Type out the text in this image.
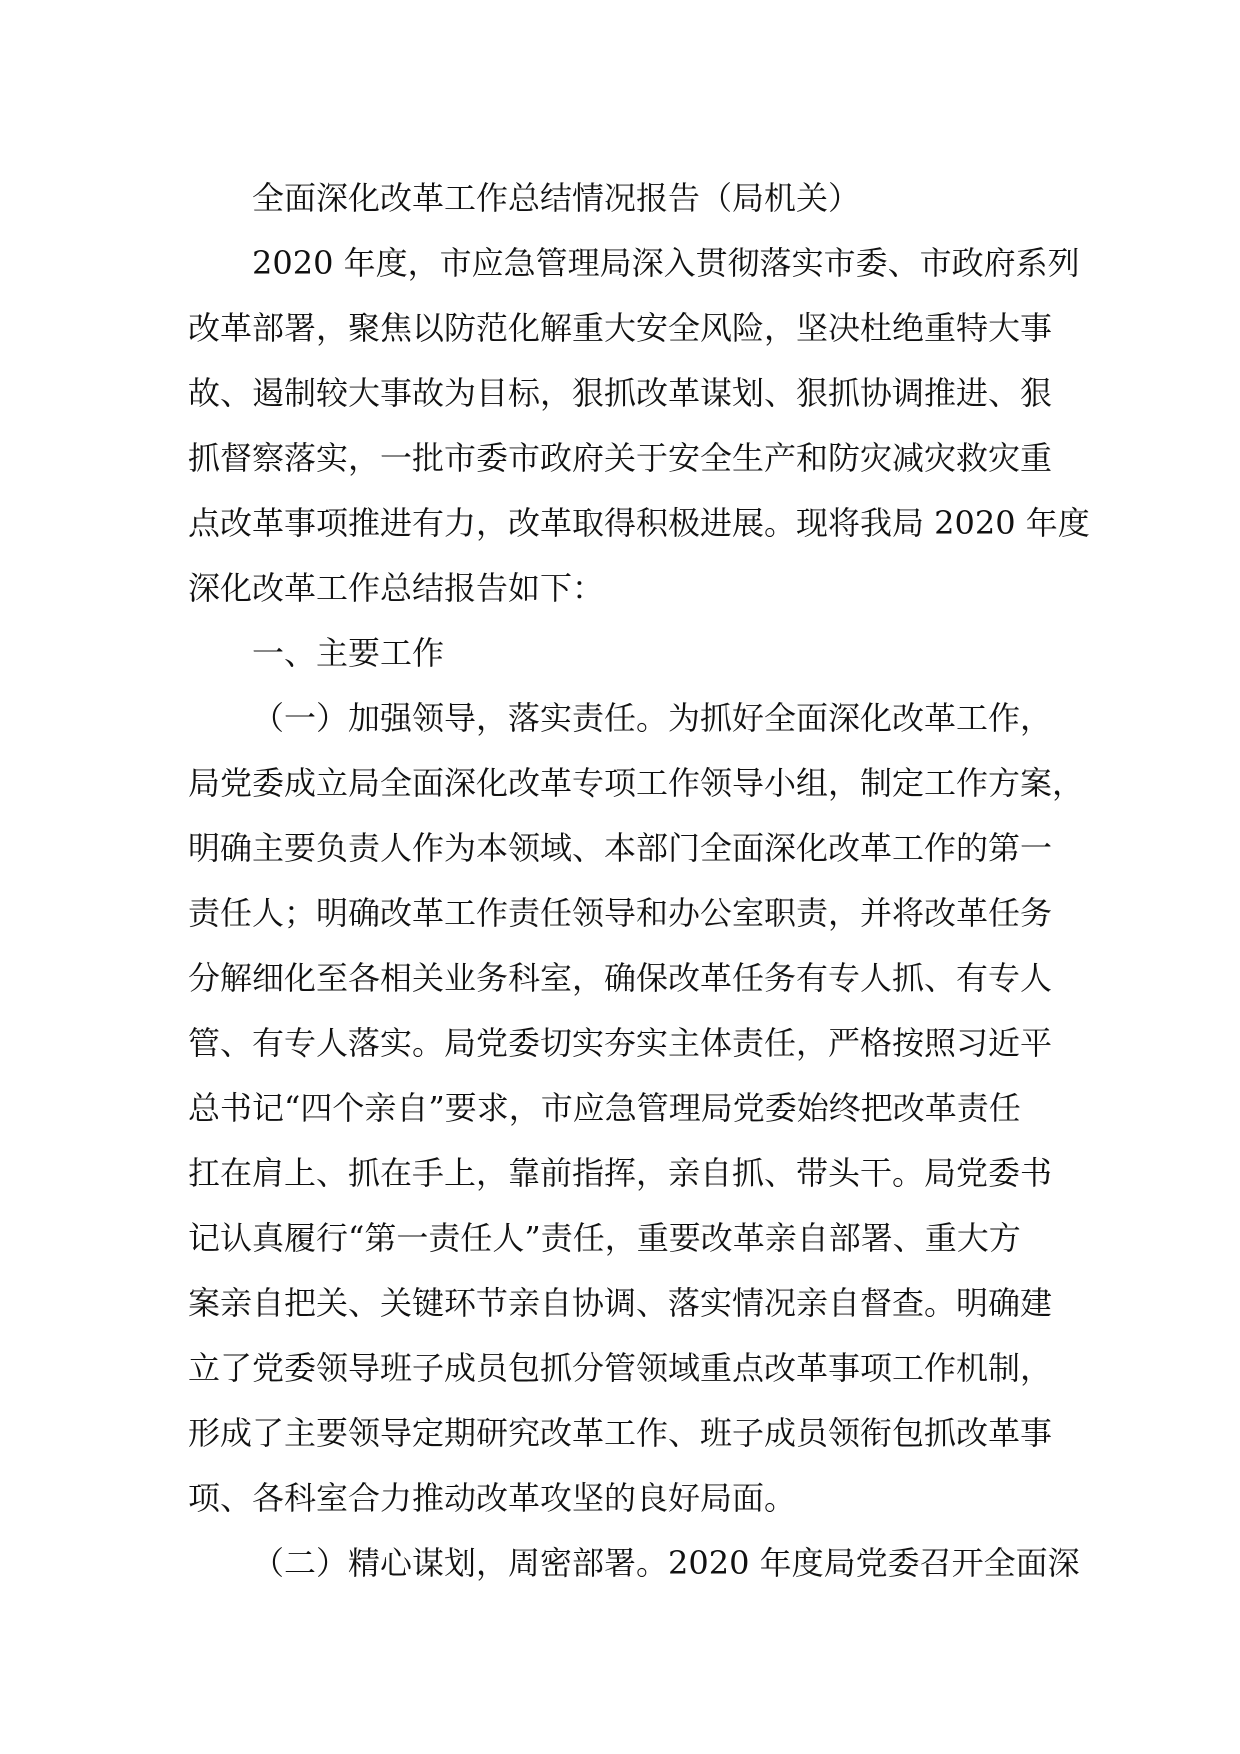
全面深化改革工作总结情况报告（局机关）
2020 年度，市应急管理局深入贯彻落实市委、市政府系列
改革部署，聚焦以防范化解重大安全风险，坚决杜绝重特大事
故、遏制较大事故为目标，狠抓改革谋划、狠抓协调推进、狠
抓督察落实，一批市委市政府关于安全生产和防灾减灾救灾重
点改革事项推进有力，改革取得积极进展。现将我局 2020 年度
深化改革工作总结报告如下：
一、主要工作
（一）加强领导，落实责任。为抓好全面深化改革工作，
局党委成立局全面深化改革专项工作领导小组，制定工作方案，
明确主要负责人作为本领域、本部门全面深化改革工作的第一
责任人；明确改革工作责任领导和办公室职责，并将改革任务
分解细化至各相关业务科室，确保改革任务有专人抓、有专人
管、有专人落实。局党委切实夯实主体责任，严格按照习近平
总书记“四个亲自”要求，市应急管理局党委始终把改革责任
扛在肩上、抓在手上，靠前指挥，亲自抓、带头干。局党委书
记认真履行“第一责任人”责任，重要改革亲自部署、重大方
案亲自把关、关键环节亲自协调、落实情况亲自督查。明确建
立了党委领导班子成员包抓分管领域重点改革事项工作机制，
形成了主要领导定期研究改革工作、班子成员领衔包抓改革事
项、各科室合力推动改革攻坚的良好局面。
（二）精心谋划，周密部署。2020 年度局党委召开全面深
